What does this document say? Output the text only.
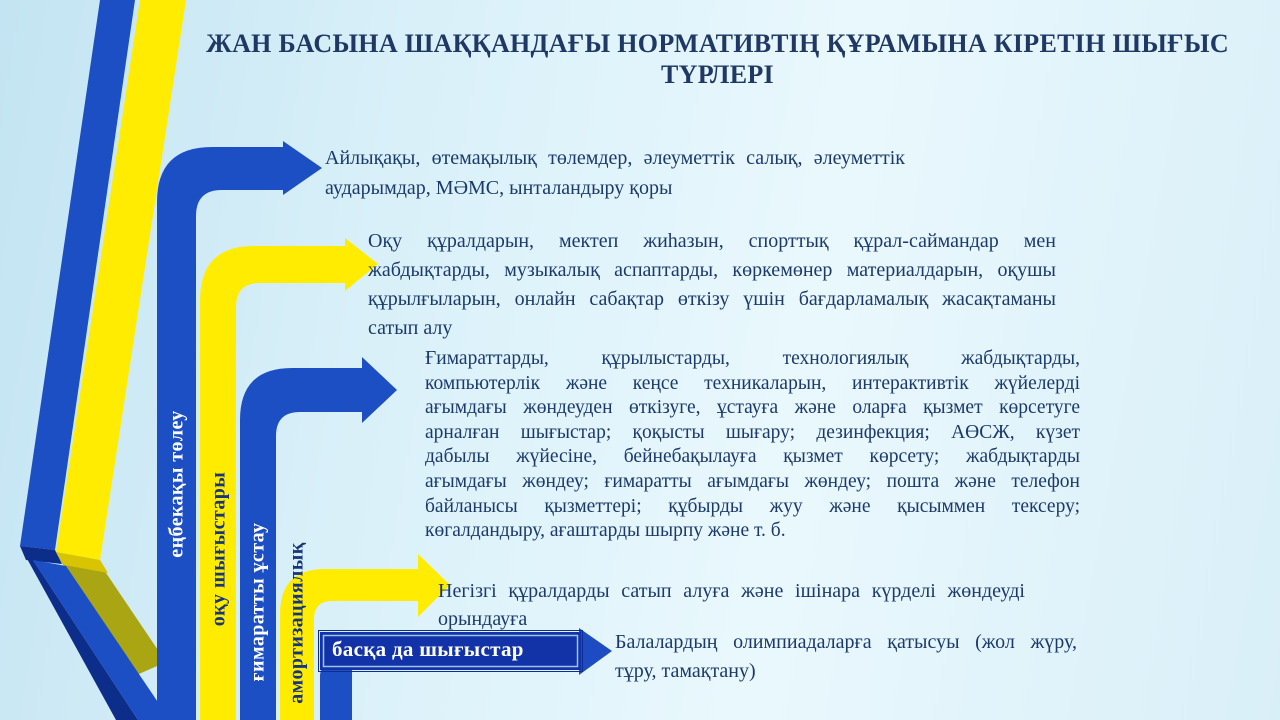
ЖАН БАСЫНА ШАҚҚАНДАҒЫ НОРМАТИВТІҢ ҚҰРАМЫНА КІРЕТІН ШЫҒЫС ТҮРЛЕРІ
еңбекақы төлеу оқу шығыстары ғимаратты ұстау амортизациялық басқа да шығыстар
Айлықақы, өтемақылық төлемдер, әлеуметтік салық, әлеуметтік
аударымдар, МӘМС, ынталандыру қоры
Оқу құралдарын, мектеп жиһазын, спорттық құрал-саймандар мен
жабдықтарды, музыкалық аспаптарды, көркемөнер материалдарын, оқушы
құрылғыларын, онлайн сабақтар өткізу үшін бағдарламалық жасақтаманы
сатып алу
Ғимараттарды, құрылыстарды, технологиялық жабдықтарды,
компьютерлік және кеңсе техникаларын, интерактивтік жүйелерді
ағымдағы жөндеуден өткізуге, ұстауға және оларға қызмет көрсетуге
арналған шығыстар; қоқысты шығару; дезинфекция; АӨСЖ, күзет
дабылы жүйесіне, бейнебақылауға қызмет көрсету; жабдықтарды
ағымдағы жөндеу; ғимаратты ағымдағы жөндеу; пошта және телефон
байланысы қызметтері; құбырды жуу және қысыммен тексеру;
көгалдандыру, ағаштарды шырпу және т. б.
Негізгі құралдарды сатып алуға және ішінара күрделі жөндеуді
орындауға
Балалардың олимпиадаларға қатысуы (жол жүру,
тұру, тамақтану)
